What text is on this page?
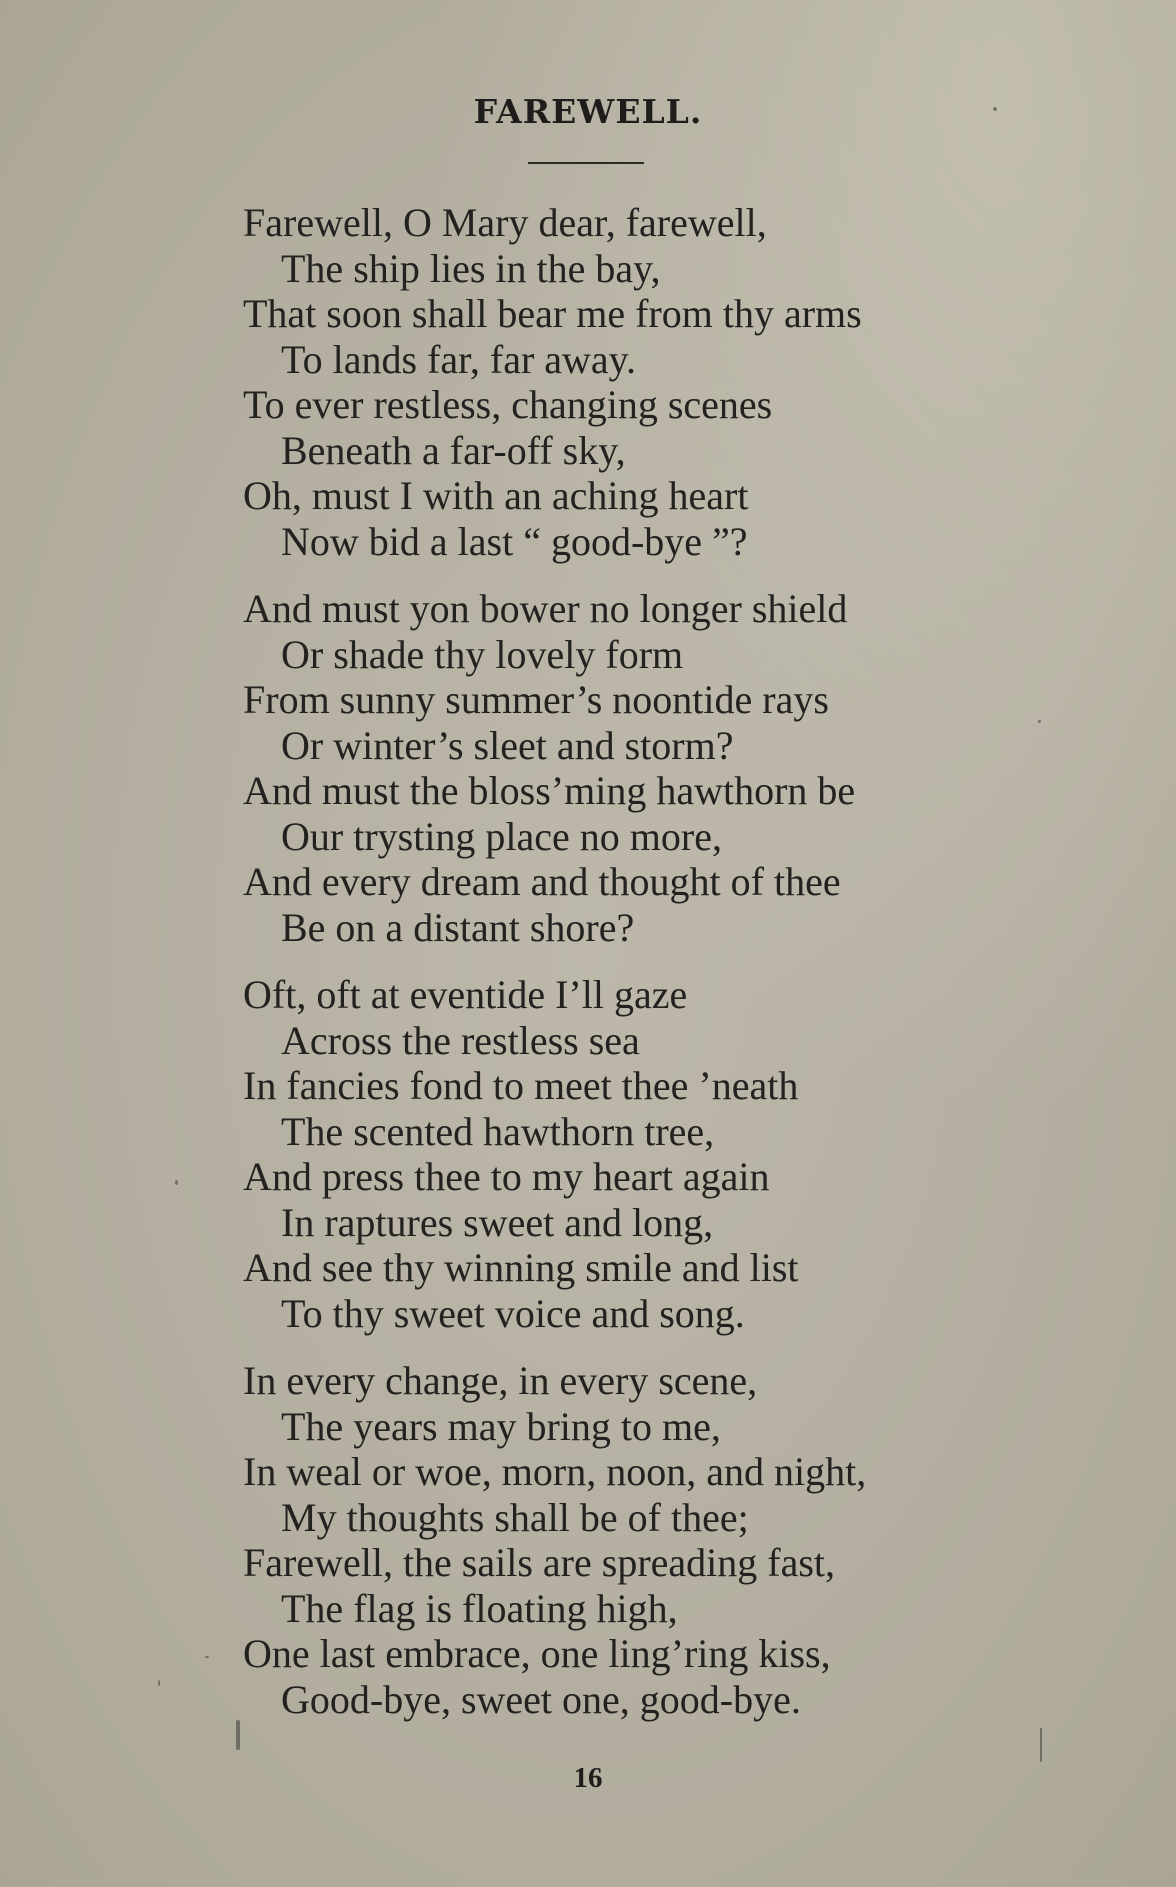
FAREWELL.
Farewell, O Mary dear, farewell,
The ship lies in the bay,
That soon shall bear me from thy arms
To lands far, far away.
To ever restless, changing scenes
Beneath a far-off sky,
Oh, must I with an aching heart
Now bid a last “ good-bye ”?
And must yon bower no longer shield
Or shade thy lovely form
From sunny summer’s noontide rays
Or winter’s sleet and storm?
And must the bloss’ming hawthorn be
Our trysting place no more,
And every dream and thought of thee
Be on a distant shore?
Oft, oft at eventide I’ll gaze
Across the restless sea
In fancies fond to meet thee ’neath
The scented hawthorn tree,
And press thee to my heart again
In raptures sweet and long,
And see thy winning smile and list
To thy sweet voice and song.
In every change, in every scene,
The years may bring to me,
In weal or woe, morn, noon, and night,
My thoughts shall be of thee;
Farewell, the sails are spreading fast,
The flag is floating high,
One last embrace, one ling’ring kiss,
Good-bye, sweet one, good-bye.
16
